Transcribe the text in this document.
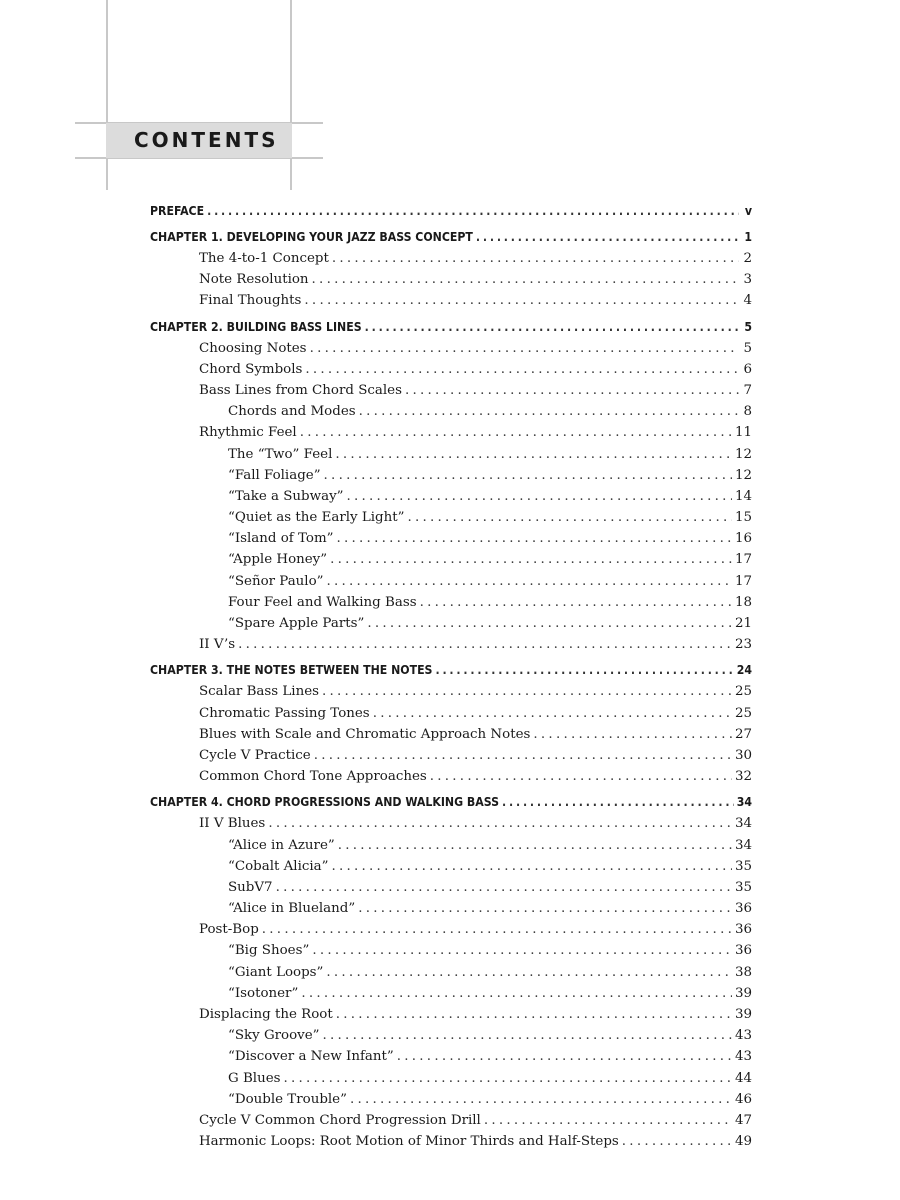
CONTENTS
PREFACE . . .	v
CHAPTER 1. DEVELOPING YOUR JAZZ BASS CONCEPT . . .	1
The 4-to-1 Concept . . .	2
Note Resolution . . .	3
Final Thoughts . . .	4
CHAPTER 2. BUILDING BASS LINES . . .	5
Choosing Notes . . .	5
Chord Symbols . . .	6
Bass Lines from Chord Scales . . .	7
Chords and Modes . . .	8
Rhythmic Feel . . .	11
The “Two” Feel . . .	12
“Fall Foliage” . . .	12
“Take a Subway” . . .	14
“Quiet as the Early Light” . . .	15
“Island of Tom” . . .	16
“Apple Honey” . . .	17
“Señor Paulo” . . .	17
Four Feel and Walking Bass . . .	18
“Spare Apple Parts” . . .	21
II V’s . . .	23
CHAPTER 3. THE NOTES BETWEEN THE NOTES . . .	24
Scalar Bass Lines . . .	25
Chromatic Passing Tones . . .	25
Blues with Scale and Chromatic Approach Notes . . .	27
Cycle V Practice . . .	30
Common Chord Tone Approaches . . .	32
CHAPTER 4. CHORD PROGRESSIONS AND WALKING BASS . . .	34
II V Blues . . .	34
“Alice in Azure” . . .	34
“Cobalt Alicia” . . .	35
SubV7 . . .	35
“Alice in Blueland” . . .	36
Post-Bop . . .	36
“Big Shoes” . . .	36
“Giant Loops” . . .	38
“Isotoner” . . .	39
Displacing the Root . . .	39
“Sky Groove” . . .	43
“Discover a New Infant” . . .	43
G Blues . . .	44
“Double Trouble” . . .	46
Cycle V Common Chord Progression Drill . . .	47
Harmonic Loops: Root Motion of Minor Thirds and Half-Steps . . .	49
